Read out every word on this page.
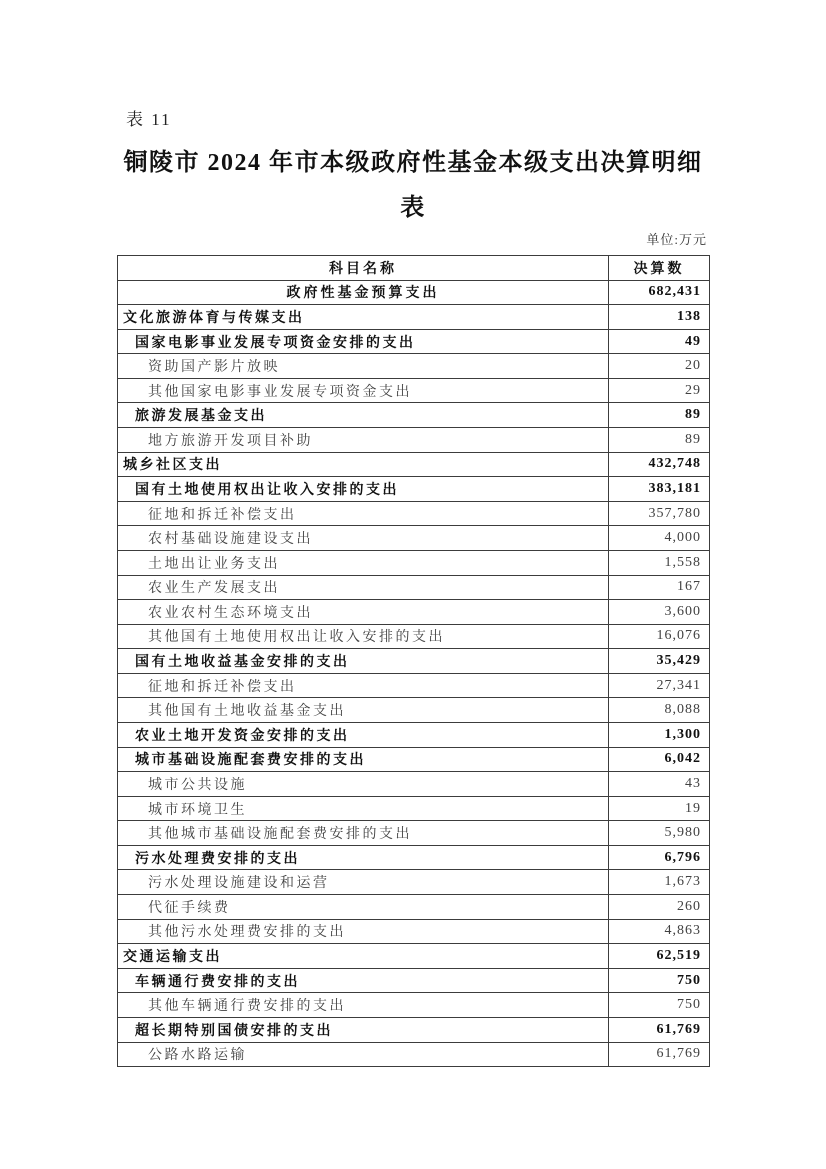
表 11
铜陵市 2024 年市本级政府性基金本级支出决算明细
表
单位:万元
科目名称	决算数
政府性基金预算支出	682,431
文化旅游体育与传媒支出	138
国家电影事业发展专项资金安排的支出	49
资助国产影片放映	20
其他国家电影事业发展专项资金支出	29
旅游发展基金支出	89
地方旅游开发项目补助	89
城乡社区支出	432,748
国有土地使用权出让收入安排的支出	383,181
征地和拆迁补偿支出	357,780
农村基础设施建设支出	4,000
土地出让业务支出	1,558
农业生产发展支出	167
农业农村生态环境支出	3,600
其他国有土地使用权出让收入安排的支出	16,076
国有土地收益基金安排的支出	35,429
征地和拆迁补偿支出	27,341
其他国有土地收益基金支出	8,088
农业土地开发资金安排的支出	1,300
城市基础设施配套费安排的支出	6,042
城市公共设施	43
城市环境卫生	19
其他城市基础设施配套费安排的支出	5,980
污水处理费安排的支出	6,796
污水处理设施建设和运营	1,673
代征手续费	260
其他污水处理费安排的支出	4,863
交通运输支出	62,519
车辆通行费安排的支出	750
其他车辆通行费安排的支出	750
超长期特别国债安排的支出	61,769
公路水路运输	61,769
